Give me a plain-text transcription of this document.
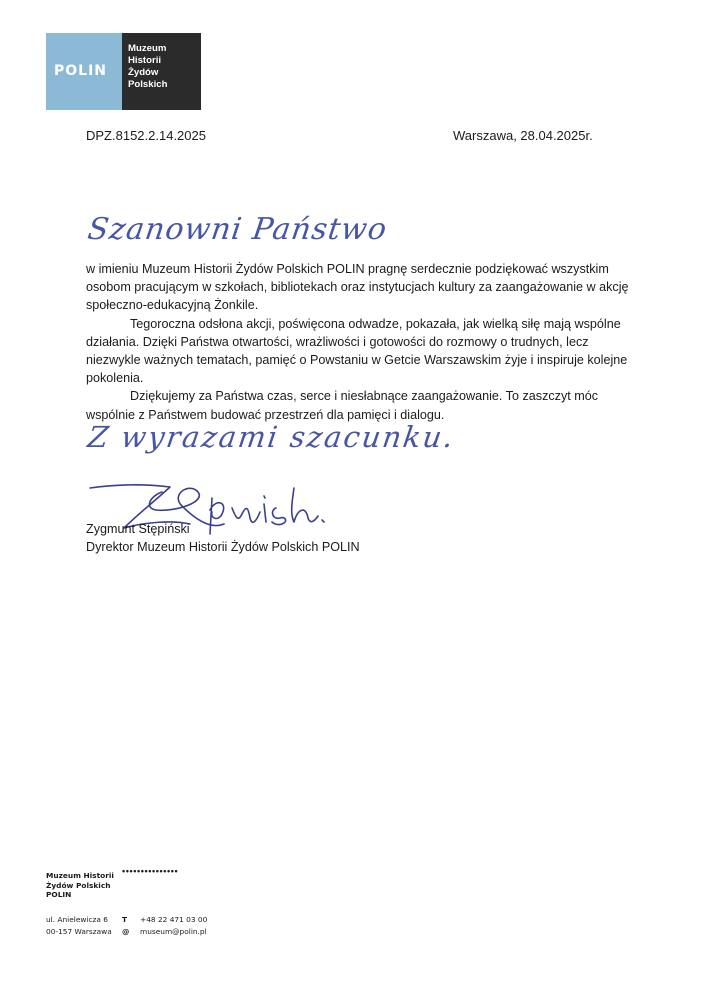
POLIN
Muzeum
Historii
Żydów
Polskich
DPZ.8152.2.14.2025	Warszawa, 28.04.2025r.
Szanowni Państwo

w imieniu Muzeum Historii Żydów Polskich POLIN pragnę serdecznie podziękować wszystkim osobom pracującym w szkołach, bibliotekach oraz instytucjach kultury za zaangażowanie w akcję społeczno-edukacyjną Żonkile.

Tegoroczna odsłona akcji, poświęcona odwadze, pokazała, jak wielką siłę mają wspólne działania. Dzięki Państwa otwartości, wrażliwości i gotowości do rozmowy o trudnych, lecz niezwykle ważnych tematach, pamięć o Powstaniu w Getcie Warszawskim żyje i inspiruje kolejne pokolenia.

Dziękujemy za Państwa czas, serce i niesłabnące zaangażowanie. To zaszczyt móc wspólnie z Państwem budować przestrzeń dla pamięci i dialogu.

Z wyrazami szacunku.
Zygmunt Stępiński
Dyrektor Muzeum Historii Żydów Polskich POLIN
Muzeum Historii
Żydów Polskich
POLIN
•••••••••••••••
ul. Anielewicza 6
00-157 Warszawa
T +48 22 471 03 00
@ museum@polin.pl
